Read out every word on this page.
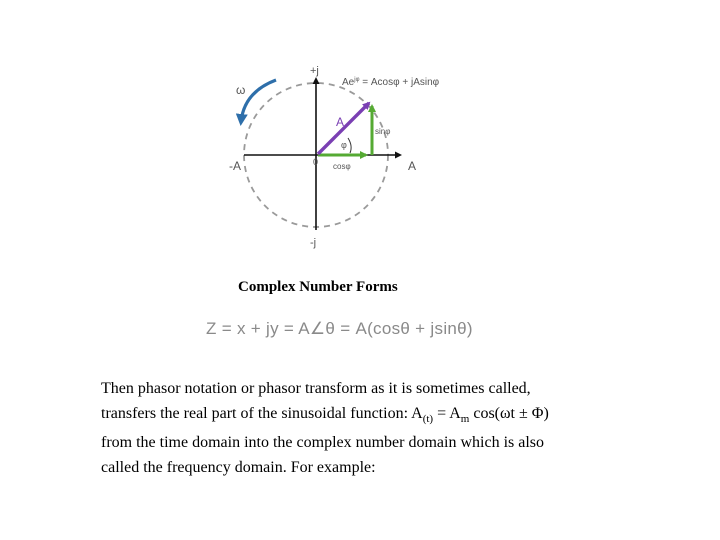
+j
-j
-A	A
0
ω
A
$Ae^{j\varphi} = Acos\varphi + jAsin\varphi$
sinφ
cosφ
φ
Complex Number Forms
Z = x + jy = A∠θ = A(cosθ + jsinθ)
Then phasor notation or phasor transform as it is sometimes called,
transfers the real part of the sinusoidal function: $A_{(t)} = A_m$ cos(ωt ± Φ)
from the time domain into the complex number domain which is also
called the frequency domain. For example:
